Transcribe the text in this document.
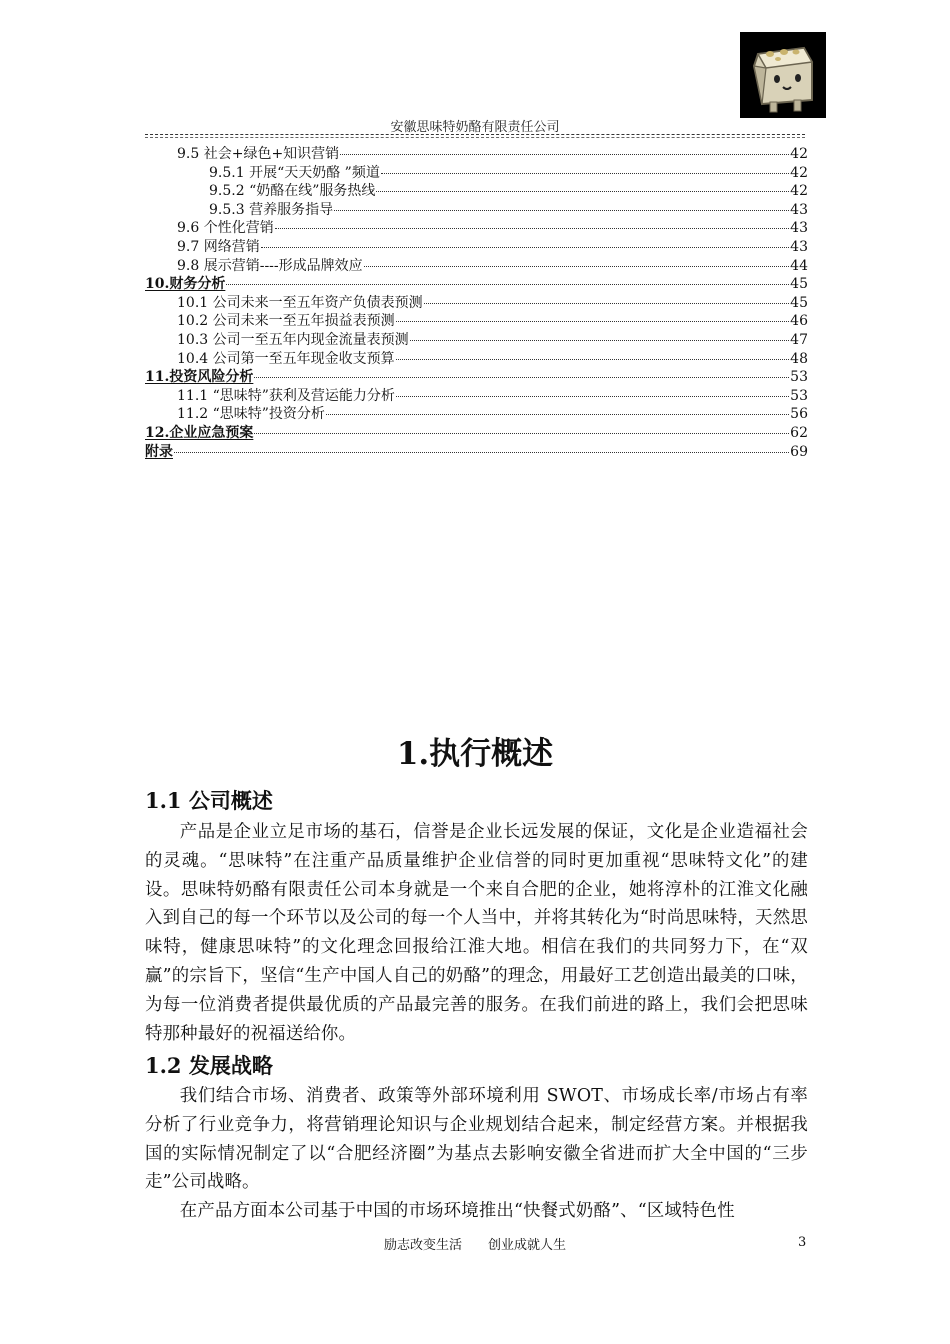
安徽思味特奶酪有限责任公司
9.5 社会+绿色+知识营销	42
9.5.1 开展“天天奶酪 ”频道	42
9.5.2 “奶酪在线”服务热线	42
9.5.3 营养服务指导	43
9.6 个性化营销	43
9.7 网络营销	43
9.8 展示营销----形成品牌效应	44
10.财务分析	45
10.1 公司未来一至五年资产负债表预测	45
10.2 公司未来一至五年损益表预测	46
10.3 公司一至五年内现金流量表预测	47
10.4 公司第一至五年现金收支预算	48
11.投资风险分析	53
11.1 “思味特”获利及营运能力分析	53
11.2 “思味特”投资分析	56
12.企业应急预案	62
附录	69
1.执行概述
1.1 公司概述
产品是企业立足市场的基石，信誉是企业长远发展的保证，文化是企业造福社会的灵魂。“思味特”在注重产品质量维护企业信誉的同时更加重视“思味特文化”的建设。思味特奶酪有限责任公司本身就是一个来自合肥的企业，她将淳朴的江淮文化融入到自己的每一个环节以及公司的每一个人当中，并将其转化为“时尚思味特，天然思味特，健康思味特”的文化理念回报给江淮大地。相信在我们的共同努力下，在“双赢”的宗旨下，坚信“生产中国人自己的奶酪”的理念，用最好工艺创造出最美的口味，为每一位消费者提供最优质的产品最完善的服务。在我们前进的路上，我们会把思味特那种最好的祝福送给你。
1.2 发展战略
我们结合市场、消费者、政策等外部环境利用 SWOT、市场成长率/市场占有率分析了行业竞争力，将营销理论知识与企业规划结合起来，制定经营方案。并根据我国的实际情况制定了以“合肥经济圈”为基点去影响安徽全省进而扩大全中国的“三步走”公司战略。
在产品方面本公司基于中国的市场环境推出“快餐式奶酪”、“区域特色性
励志改变生活 创业成就人生	3
